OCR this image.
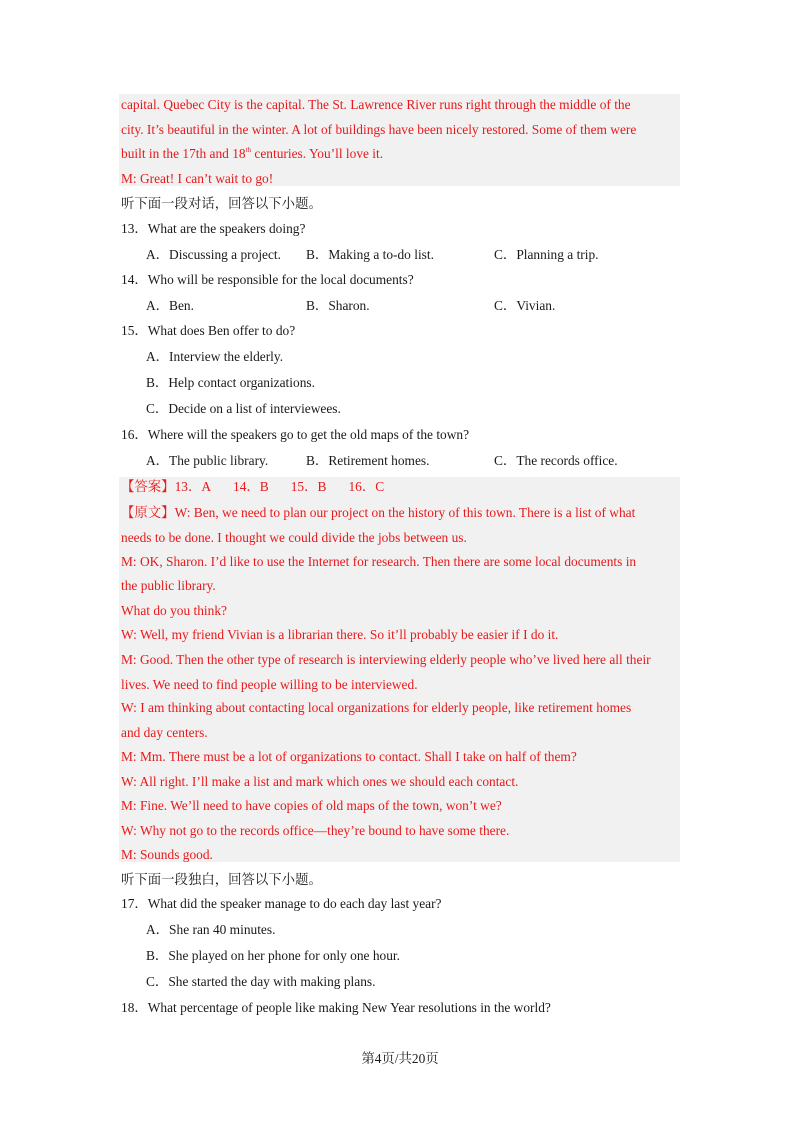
capital. Quebec City is the capital. The St. Lawrence River runs right through the middle of the
city. It’s beautiful in the winter. A lot of buildings have been nicely restored. Some of them were
built in the 17th and 18th centuries. You’ll love it.
M: Great! I can’t wait to go!
听下面一段对话，回答以下小题。
13．What are the speakers doing?
A．Discussing a project. B．Making a to-do list.	C．Planning a trip.
14．Who will be responsible for the local documents?
A．Ben.	B．Sharon.	C．Vivian.
15．What does Ben offer to do?
A．Interview the elderly.
B．Help contact organizations.
C．Decide on a list of interviewees.
16．Where will the speakers go to get the old maps of the town?
A．The public library.	B．Retirement homes.	C．The records office.
【答案】13．A 14．B 15．B 16．C
【原文】W: Ben, we need to plan our project on the history of this town. There is a list of what
needs to be done. I thought we could divide the jobs between us.
M: OK, Sharon. I’d like to use the Internet for research. Then there are some local documents in
the public library.
What do you think?
W: Well, my friend Vivian is a librarian there. So it’ll probably be easier if I do it.
M: Good. Then the other type of research is interviewing elderly people who’ve lived here all their
lives. We need to find people willing to be interviewed.
W: I am thinking about contacting local organizations for elderly people, like retirement homes
and day centers.
M: Mm. There must be a lot of organizations to contact. Shall I take on half of them?
W: All right. I’ll make a list and mark which ones we should each contact.
M: Fine. We’ll need to have copies of old maps of the town, won’t we?
W: Why not go to the records office—they’re bound to have some there.
M: Sounds good.
听下面一段独白，回答以下小题。
17．What did the speaker manage to do each day last year?
A．She ran 40 minutes.
B．She played on her phone for only one hour.
C．She started the day with making plans.
18．What percentage of people like making New Year resolutions in the world?
第4页/共20页
